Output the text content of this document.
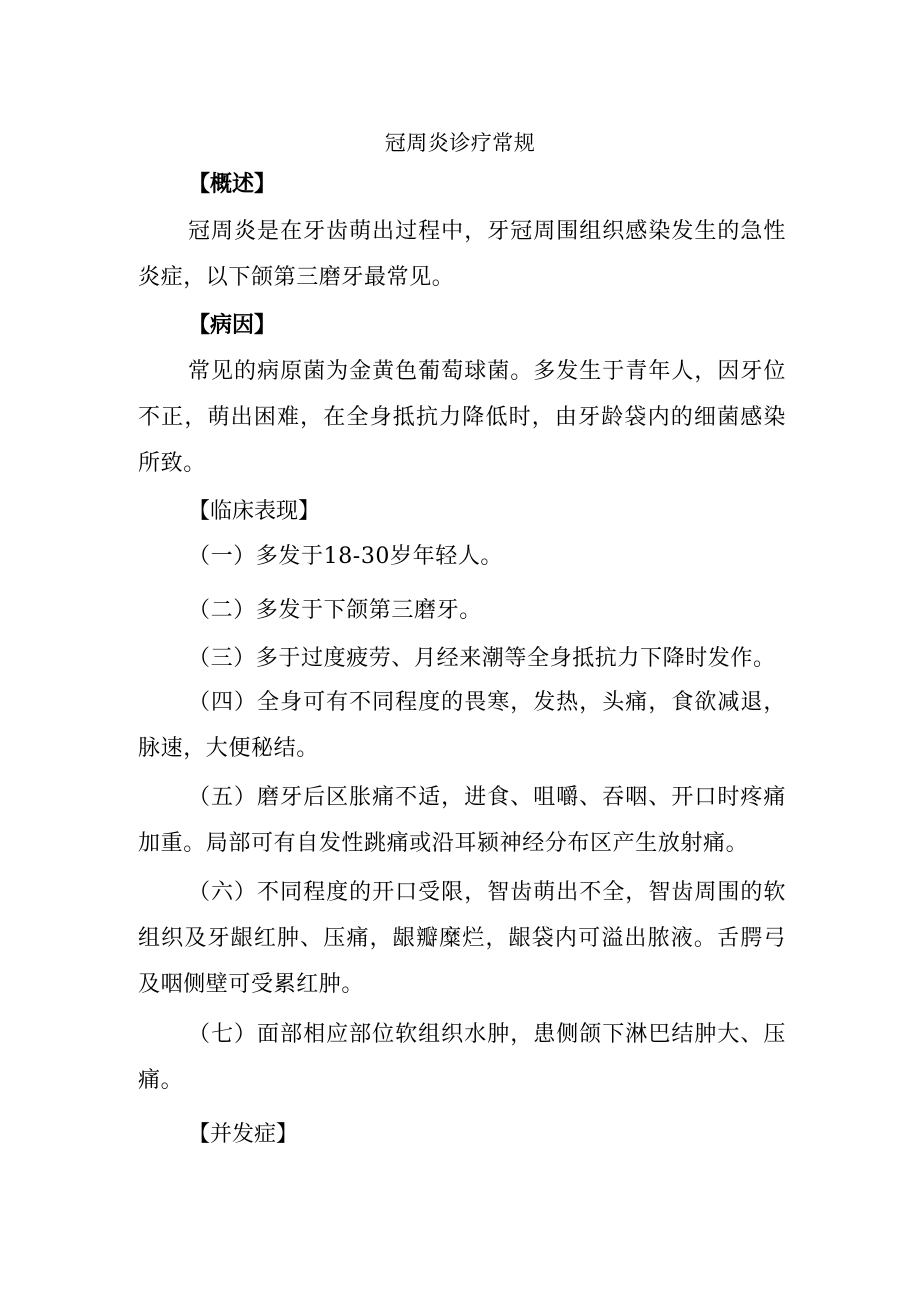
冠周炎诊疗常规
【概述】
冠周炎是在牙齿萌出过程中，牙冠周围组织感染发生的急性炎症，以下颌第三磨牙最常见。
【病因】
常见的病原菌为金黄色葡萄球菌。多发生于青年人，因牙位不正，萌出困难，在全身抵抗力降低时，由牙龄袋内的细菌感染所致。
【临床表现】
（一）多发于18-30岁年轻人。
（二）多发于下颌第三磨牙。
（三）多于过度疲劳、月经来潮等全身抵抗力下降时发作。
（四）全身可有不同程度的畏寒，发热，头痛，食欲减退，脉速，大便秘结。
（五）磨牙后区胀痛不适，进食、咀嚼、吞咽、开口时疼痛加重。局部可有自发性跳痛或沿耳颍神经分布区产生放射痛。
（六）不同程度的开口受限，智齿萌出不全，智齿周围的软组织及牙龈红肿、压痛，龈瓣糜烂，龈袋内可溢出脓液。舌腭弓及咽侧壁可受累红肿。
（七）面部相应部位软组织水肿，患侧颌下淋巴结肿大、压痛。
【并发症】
